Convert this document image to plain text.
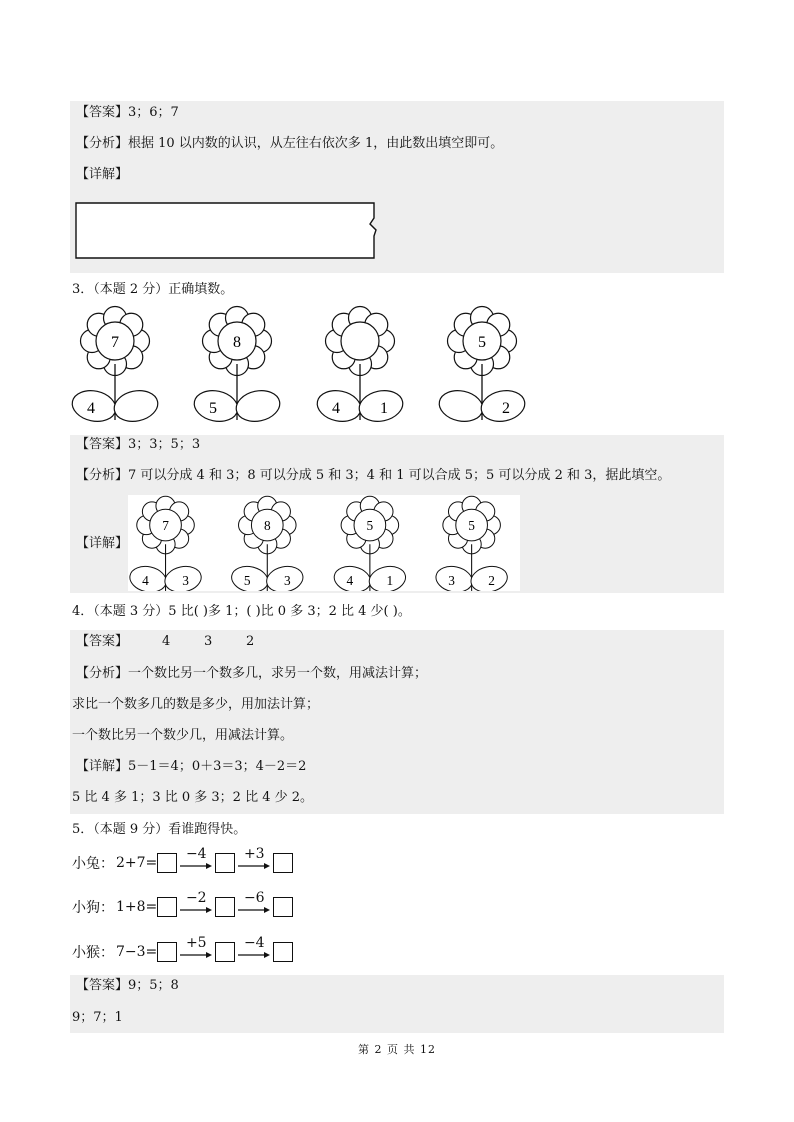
【答案】3；6；7
【分析】根据 10 以内数的认识，从左往右依次多 1，由此数出填空即可。
【详解】
3．（本题 2 分）正确填数。
7
4
8
5	4	1
5
2
【答案】3；3；5；3
【分析】7 可以分成 4 和 3；8 可以分成 5 和 3；4 和 1 可以合成 5；5 可以分成 2 和 3，据此填空。
【详解】
7
4 3
8
5 3
5
4 1
5
3 2
4．（本题 3 分）5 比( )多 1；( )比 0 多 3；2 比 4 少( )。
【答案】	4	3	2
【分析】一个数比另一个数多几，求另一个数，用减法计算；
求比一个数多几的数是多少，用加法计算；
一个数比另一个数少几，用减法计算。
【详解】5－1＝4；0＋3＝3；4－2＝2
5 比 4 多 1；3 比 0 多 3；2 比 4 少 2。
5．（本题 9 分）看谁跑得快。
小兔： 2+7=
−4	+3
小狗： 1+8=
−2	−6
小猴： 7−3=
+5	−4
【答案】9；5；8
9；7；1
第 2 页 共 12
